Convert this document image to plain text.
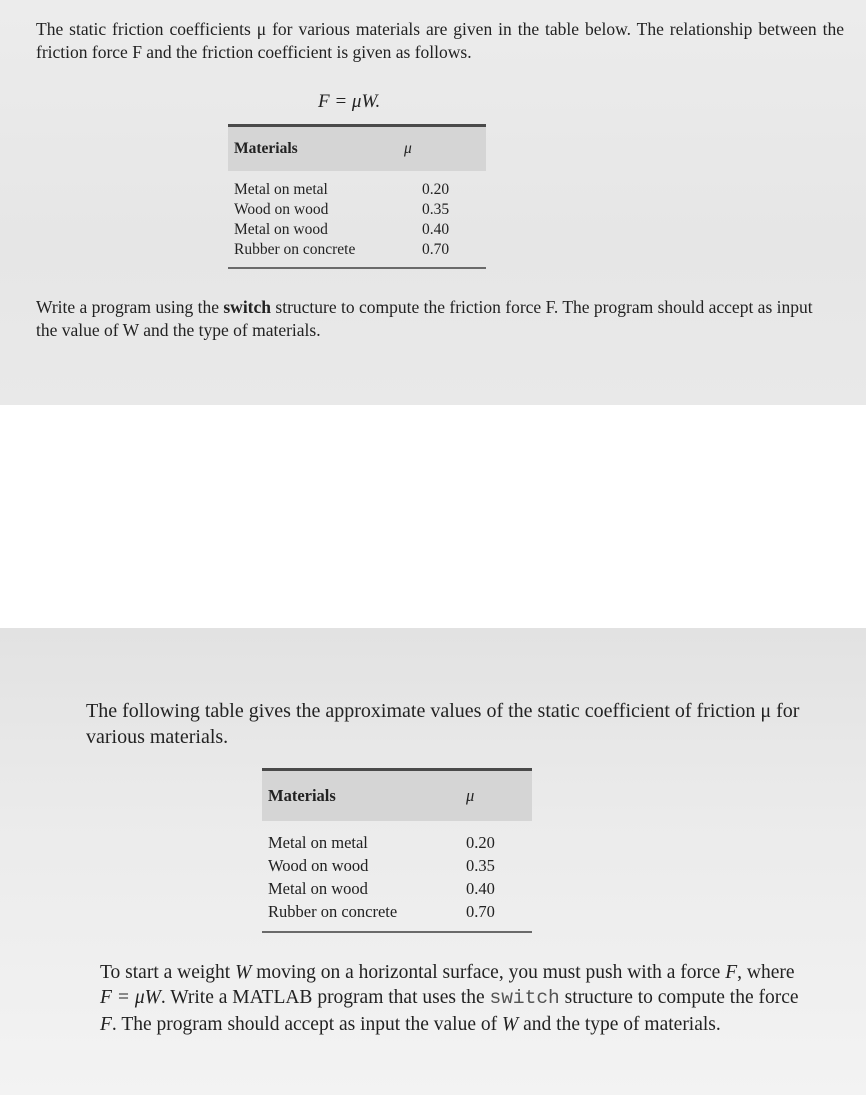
The static friction coefficients μ for various materials are given in the table below. The relationship between the friction force F and the friction coefficient is given as follows.

F = μW.
Materials	μ
Metal on metal	0.20
Wood on wood	0.35
Metal on wood	0.40
Rubber on concrete	0.70

Write a program using the switch structure to compute the friction force F. The program should accept as input the value of W and the type of materials.

The following table gives the approximate values of the static coefficient of friction μ for various materials.

Materials	μ
Metal on metal	0.20
Wood on wood	0.35
Metal on wood	0.40
Rubber on concrete	0.70

To start a weight W moving on a horizontal surface, you must push with a force F, where F = μW. Write a MATLAB program that uses the switch structure to compute the force F. The program should accept as input the value of W and the type of materials.
